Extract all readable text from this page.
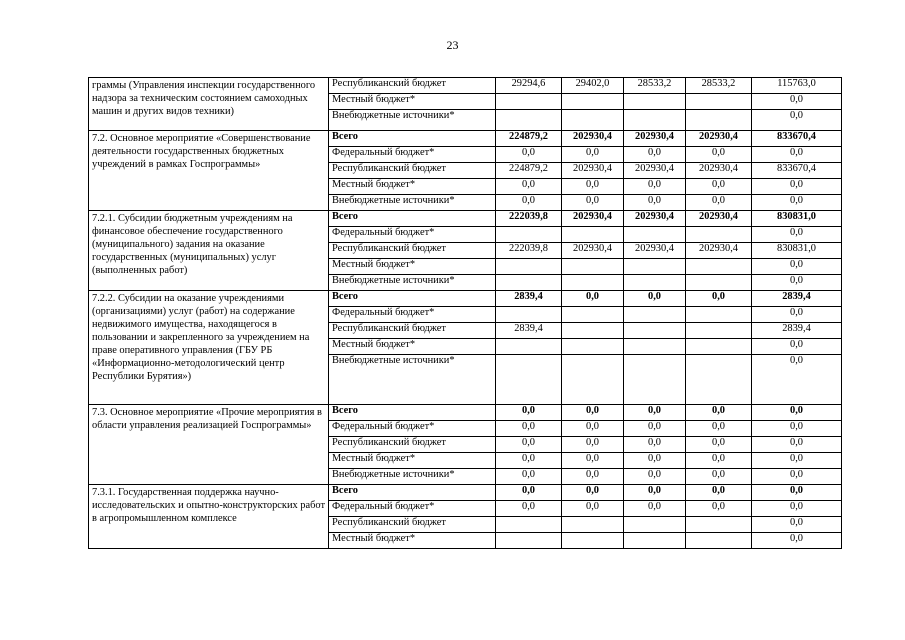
23
граммы (Управления инспекции государственного надзора за техническим состоянием самоходных машин и других видов техники)	Республиканский бюджет	29294,6	29402,0	28533,2	28533,2	115763,0
	Местный бюджет*					0,0
	Внебюджетные источники*					0,0
7.2. Основное мероприятие «Совершенствование деятельности государственных бюджетных учреждений в рамках Госпрограммы»	Всего	224879,2	202930,4	202930,4	202930,4	833670,4
	Федеральный бюджет*	0,0	0,0	0,0	0,0	0,0
	Республиканский бюджет	224879,2	202930,4	202930,4	202930,4	833670,4
	Местный бюджет*	0,0	0,0	0,0	0,0	0,0
	Внебюджетные источники*	0,0	0,0	0,0	0,0	0,0
7.2.1. Субсидии бюджетным учреждениям на финансовое обеспечение государственного (муниципального) задания на оказание государственных (муниципальных) услуг (выполненных работ)	Всего	222039,8	202930,4	202930,4	202930,4	830831,0
	Федеральный бюджет*					0,0
	Республиканский бюджет	222039,8	202930,4	202930,4	202930,4	830831,0
	Местный бюджет*					0,0
	Внебюджетные источники*					0,0
7.2.2. Субсидии на оказание учреждениями (организациями) услуг (работ) на содержание недвижимого имущества, находящегося в пользовании и закрепленного за учреждением на праве оперативного управления (ГБУ РБ «Информационно-методологический центр Республики Бурятия»)	Всего	2839,4	0,0	0,0	0,0	2839,4
	Федеральный бюджет*					0,0
	Республиканский бюджет	2839,4				2839,4
	Местный бюджет*					0,0
	Внебюджетные источники*					0,0
7.3. Основное мероприятие «Прочие мероприятия в области управления реализацией Госпрограммы»	Всего	0,0	0,0	0,0	0,0	0,0
	Федеральный бюджет*	0,0	0,0	0,0	0,0	0,0
	Республиканский бюджет	0,0	0,0	0,0	0,0	0,0
	Местный бюджет*	0,0	0,0	0,0	0,0	0,0
	Внебюджетные источники*	0,0	0,0	0,0	0,0	0,0
7.3.1. Государственная поддержка научно-исследовательских и опытно-конструкторских работ в агропромышленном комплексе	Всего	0,0	0,0	0,0	0,0	0,0
	Федеральный бюджет*	0,0	0,0	0,0	0,0	0,0
	Республиканский бюджет					0,0
	Местный бюджет*					0,0
